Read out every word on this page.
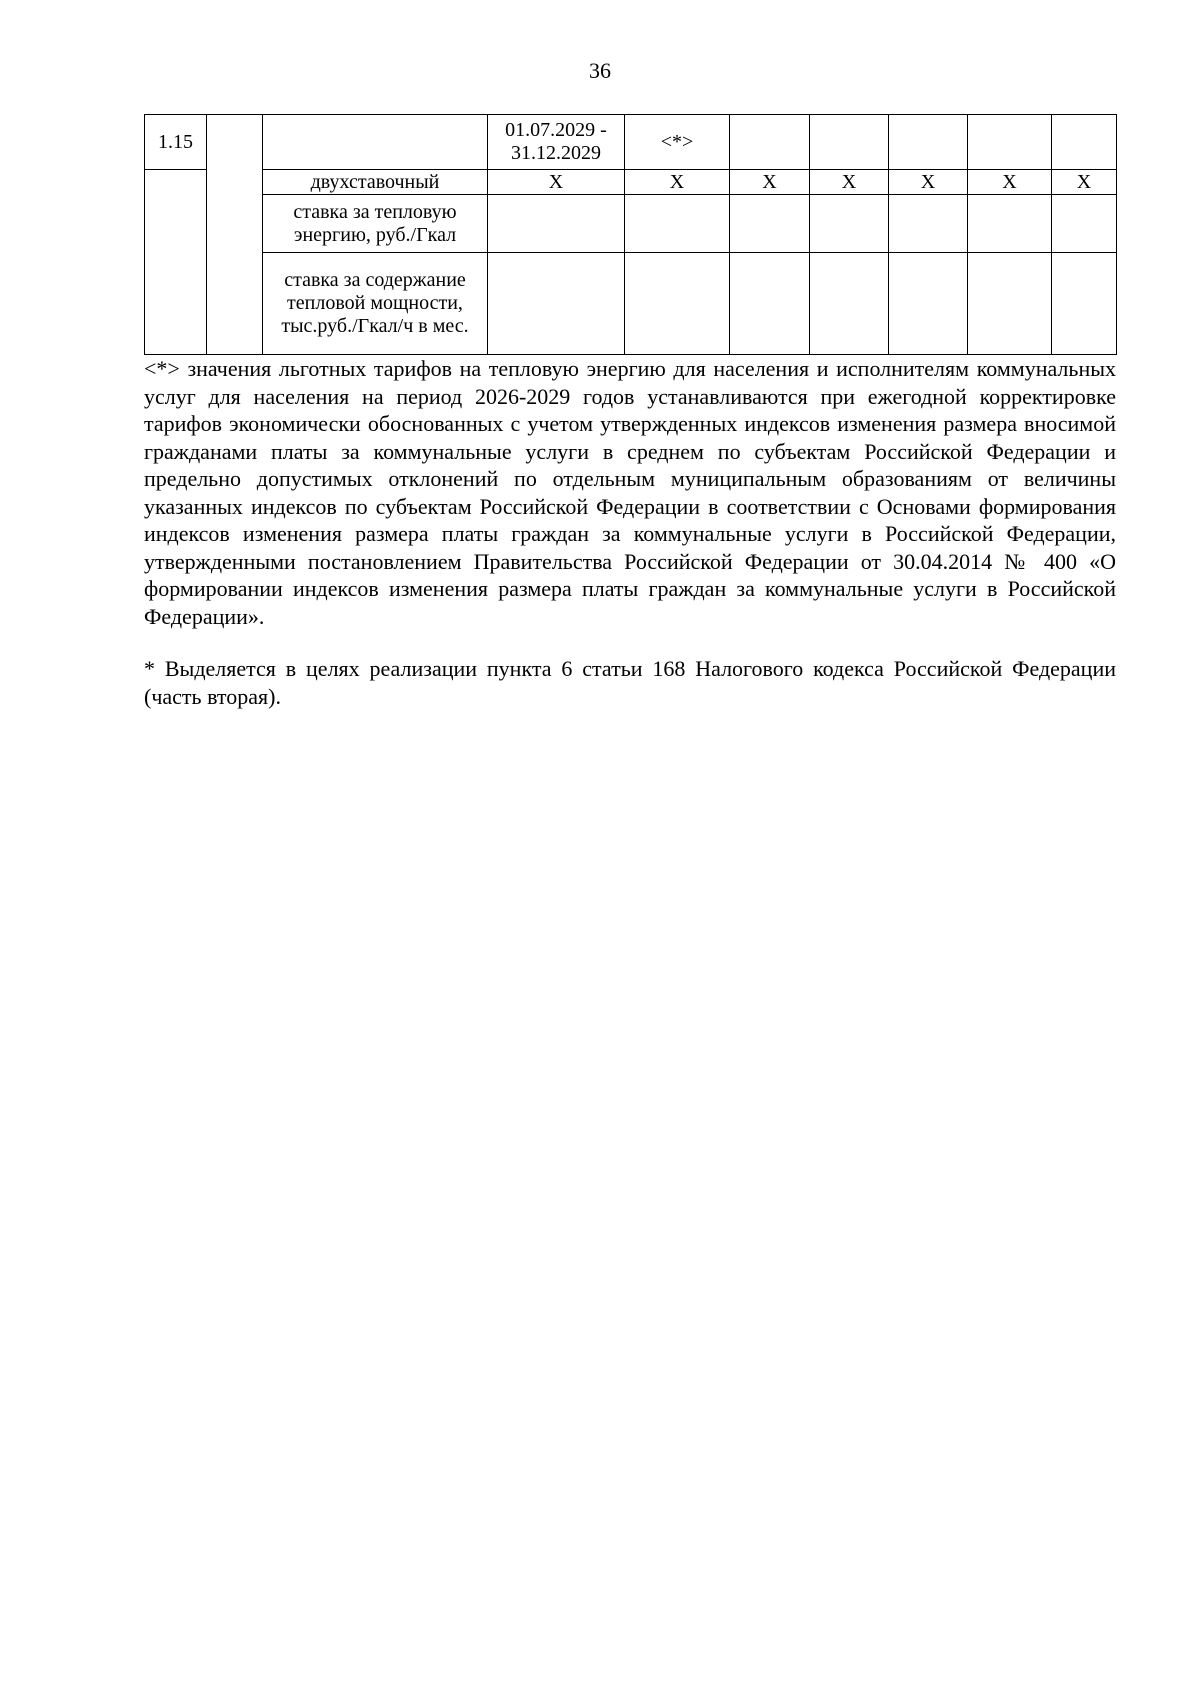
36
1.15			01.07.2029 - 31.12.2029	<*>					
		двухставочный	Х	Х	Х	Х	Х	Х	Х
		ставка за тепловую энергию, руб./Гкал							
		ставка за содержание тепловой мощности, тыс.руб./Гкал/ч в мес.							

<*> значения льготных тарифов на тепловую энергию для населения и исполнителям коммунальных услуг для населения на период 2026-2029 годов устанавливаются при ежегодной корректировке тарифов экономически обоснованных с учетом утвержденных индексов изменения размера вносимой гражданами платы за коммунальные услуги в среднем по субъектам Российской Федерации и предельно допустимых отклонений по отдельным муниципальным образованиям от величины указанных индексов по субъектам Российской Федерации в соответствии с Основами формирования индексов изменения размера платы граждан за коммунальные услуги в Российской Федерации, утвержденными постановлением Правительства Российской Федерации от 30.04.2014 № 400 «О формировании индексов изменения размера платы граждан за коммунальные услуги в Российской Федерации».

* Выделяется в целях реализации пункта 6 статьи 168 Налогового кодекса Российской Федерации (часть вторая).
